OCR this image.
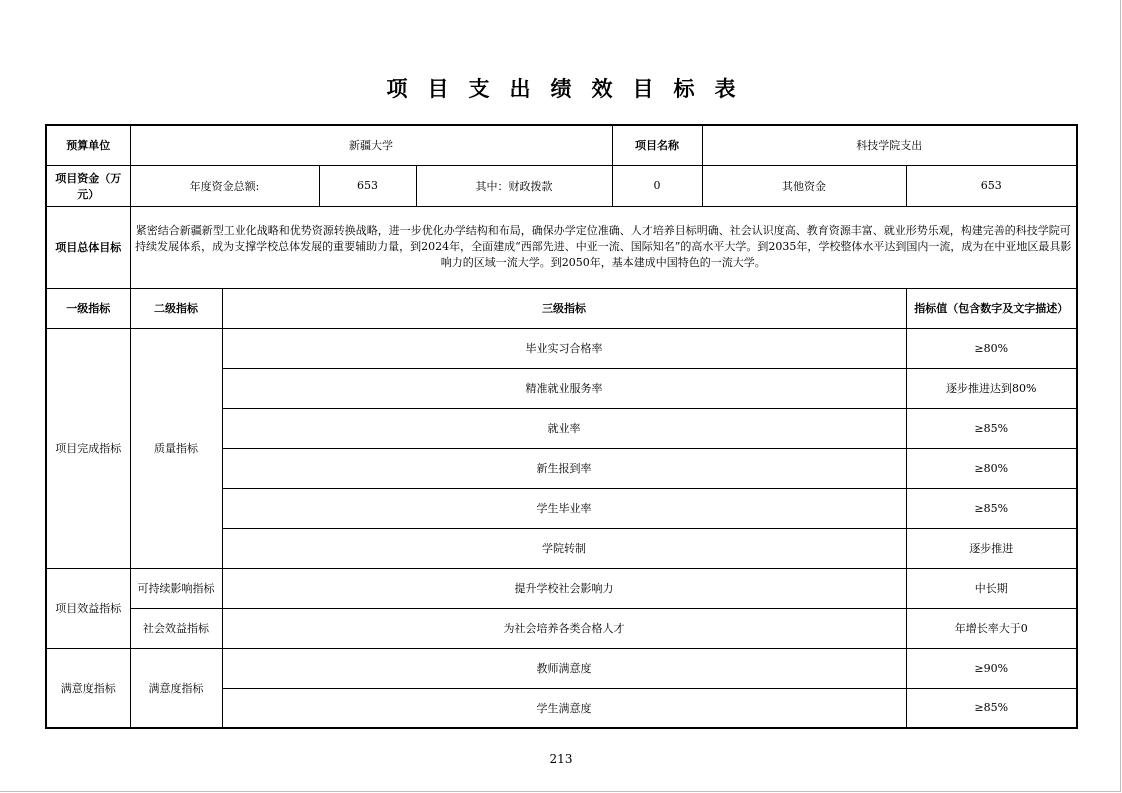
项目支出绩效目标表
预算单位	新疆大学				项目名称	科技学院支出	
项目资金（万元）	年度资金总额:		653	其中：财政拨款	0	其他资金	653
项目总体目标	紧密结合新疆新型工业化战略和优势资源转换战略，进一步优化办学结构和布局，确保办学定位准确、人才培养目标明确、社会认识度高、教育资源丰富、就业形势乐观，构建完善的科技学院可持续发展体系，成为支撑学校总体发展的重要辅助力量，到2024年，全面建成“西部先进、中亚一流、国际知名”的高水平大学。到2035年，学校整体水平达到国内一流，成为在中亚地区最具影响力的区域一流大学。到2050年，基本建成中国特色的一流大学。						
一级指标	二级指标	三级指标					指标值（包含数字及文字描述）
项目完成指标	质量指标	毕业实习合格率					≥80%
		精准就业服务率					逐步推进达到80%
		就业率					≥85%
		新生报到率					≥80%
		学生毕业率					≥85%
		学院转制					逐步推进
项目效益指标	可持续影响指标	提升学校社会影响力					中长期
	社会效益指标	为社会培养各类合格人才					年增长率大于0
满意度指标	满意度指标	教师满意度					≥90%
		学生满意度					≥85%
213
